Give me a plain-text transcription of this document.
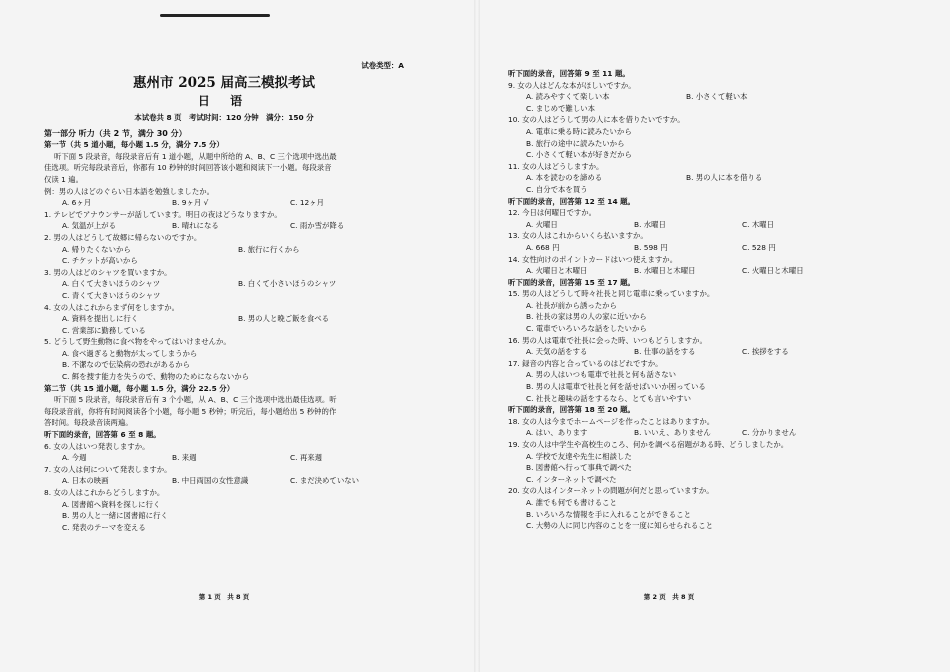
试卷类型：A
惠州市 2025 届高三模拟考试
日 语
本试卷共 8 页　考试时间：120 分钟　满分：150 分
第一部分 听力（共 2 节，满分 30 分）
第一节（共 5 道小题，每小题 1.5 分，满分 7.5 分）
听下面 5 段录音，每段录音后有 1 道小题，从题中所给的 A、B、C 三个选项中选出最
佳选项。听完每段录音后，你都有 10 秒钟的时间回答该小题和阅读下一小题。每段录音
仅读 1 遍。
例：男の人はどのぐらい日本語を勉強しましたか。
A. 6ヶ月	B. 9ヶ月 √	C. 12ヶ月
1. テレビでアナウンサーが話しています。明日の夜はどうなりますか。
A. 気温が上がる	B. 晴れになる	C. 雨か雪が降る
2. 男の人はどうして故郷に帰らないのですか。
A. 帰りたくないから	B. 旅行に行くから
C. チケットが高いから
3. 男の人はどのシャツを買いますか。
A. 白くて大きいほうのシャツ	B. 白くて小さいほうのシャツ
C. 青くて大きいほうのシャツ
4. 女の人はこれからまず何をしますか。
A. 資料を提出しに行く	B. 男の人と晩ご飯を食べる
C. 営業部に勤務している
5. どうして野生動物に食べ物をやってはいけませんか。
A. 食べ過ぎると動物が太ってしまうから
B. 不潔なので伝染病の恐れがあるから
C. 餌を捜す能力を失うので、動物のためにならないから
第二节（共 15 道小题，每小题 1.5 分，满分 22.5 分）
听下面 5 段录音，每段录音后有 3 个小题，从 A、B、C 三个选项中选出最佳选项。听
每段录音前，你将有时间阅读各个小题，每小题 5 秒钟；听完后，每小题给出 5 秒钟的作
答时间。每段录音读两遍。
听下面的录音，回答第 6 至 8 题。
6. 女の人はいつ発表しますか。
A. 今週	B. 来週	C. 再来週
7. 女の人は何について発表しますか。
A. 日本の映画	B. 中日両国の女性意識	C. まだ決めていない
8. 女の人はこれからどうしますか。
A. 図書館へ資料を探しに行く
B. 男の人と一緒に図書館に行く
C. 発表のテーマを変える
第 1 页　共 8 页
听下面的录音，回答第 9 至 11 题。
9. 女の人はどんな本がほしいですか。
A. 読みやすくて楽しい本	B. 小さくて軽い本
C. まじめで難しい本
10. 女の人はどうして男の人に本を借りたいですか。
A. 電車に乗る時に読みたいから
B. 旅行の途中に読みたいから
C. 小さくて軽い本が好きだから
11. 女の人はどうしますか。
A. 本を読むのを諦める	B. 男の人に本を借りる
C. 自分で本を買う
听下面的录音，回答第 12 至 14 题。
12. 今日は何曜日ですか。
A. 火曜日	B. 水曜日	C. 木曜日
13. 女の人はこれからいくら払いますか。
A. 668 円	B. 598 円	C. 528 円
14. 女性向けのポイントカードはいつ使えますか。
A. 火曜日と木曜日	B. 水曜日と木曜日	C. 火曜日と木曜日
听下面的录音，回答第 15 至 17 题。
15. 男の人はどうして時々社長と同じ電車に乗っていますか。
A. 社長が前から誘ったから
B. 社長の家は男の人の家に近いから
C. 電車でいろいろな話をしたいから
16. 男の人は電車で社長に会った時、いつもどうしますか。
A. 天気の話をする	B. 仕事の話をする	C. 挨拶をする
17. 録音の内容と合っているのはどれですか。
A. 男の人はいつも電車で社長と何も話さない
B. 男の人は電車で社長と何を話せばいいか困っている
C. 社長と趣味の話をするなら、とても言いやすい
听下面的录音，回答第 18 至 20 题。
18. 女の人は今までホームページを作ったことはありますか。
A. はい、あります	B. いいえ、ありません	C. 分かりません
19. 女の人は中学生や高校生のころ、何かを調べる宿題がある時、どうしましたか。
A. 学校で友達や先生に相談した
B. 図書館へ行って事典で調べた
C. インターネットで調べた
20. 女の人はインターネットの問題が何だと思っていますか。
A. 誰でも何でも書けること
B. いろいろな情報を手に入れることができること
C. 大勢の人に同じ内容のことを一度に知らせられること
第 2 页　共 8 页
